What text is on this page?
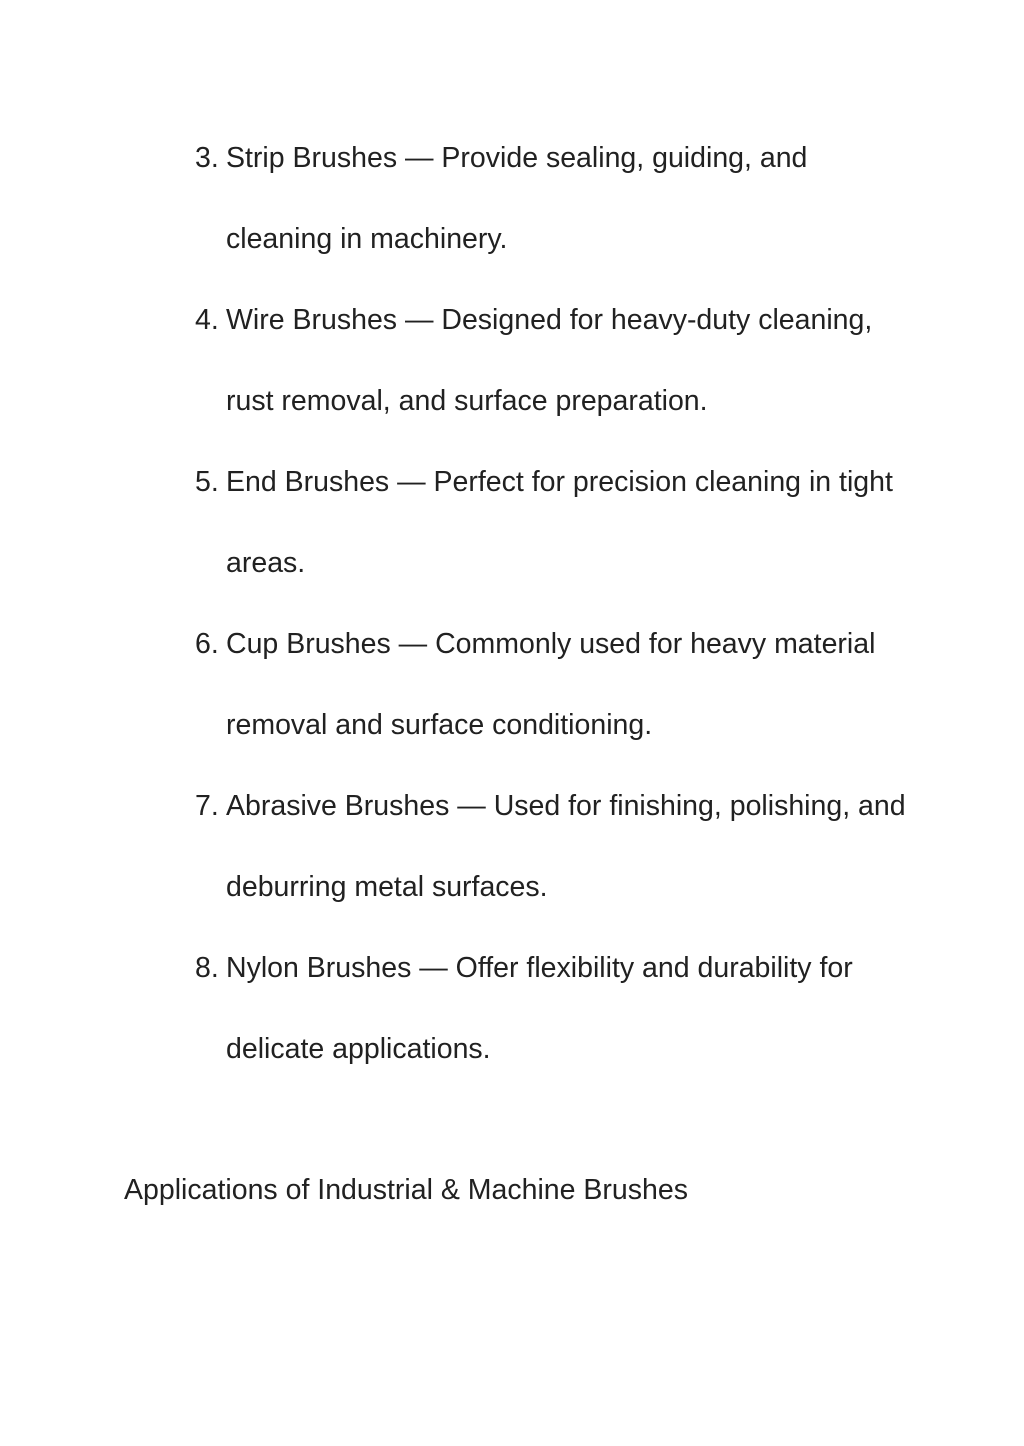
3. Strip Brushes — Provide sealing, guiding, and cleaning in machinery.
4. Wire Brushes — Designed for heavy-duty cleaning, rust removal, and surface preparation.
5. End Brushes — Perfect for precision cleaning in tight areas.
6. Cup Brushes — Commonly used for heavy material removal and surface conditioning.
7. Abrasive Brushes — Used for finishing, polishing, and deburring metal surfaces.
8. Nylon Brushes — Offer flexibility and durability for delicate applications.
Applications of Industrial & Machine Brushes
